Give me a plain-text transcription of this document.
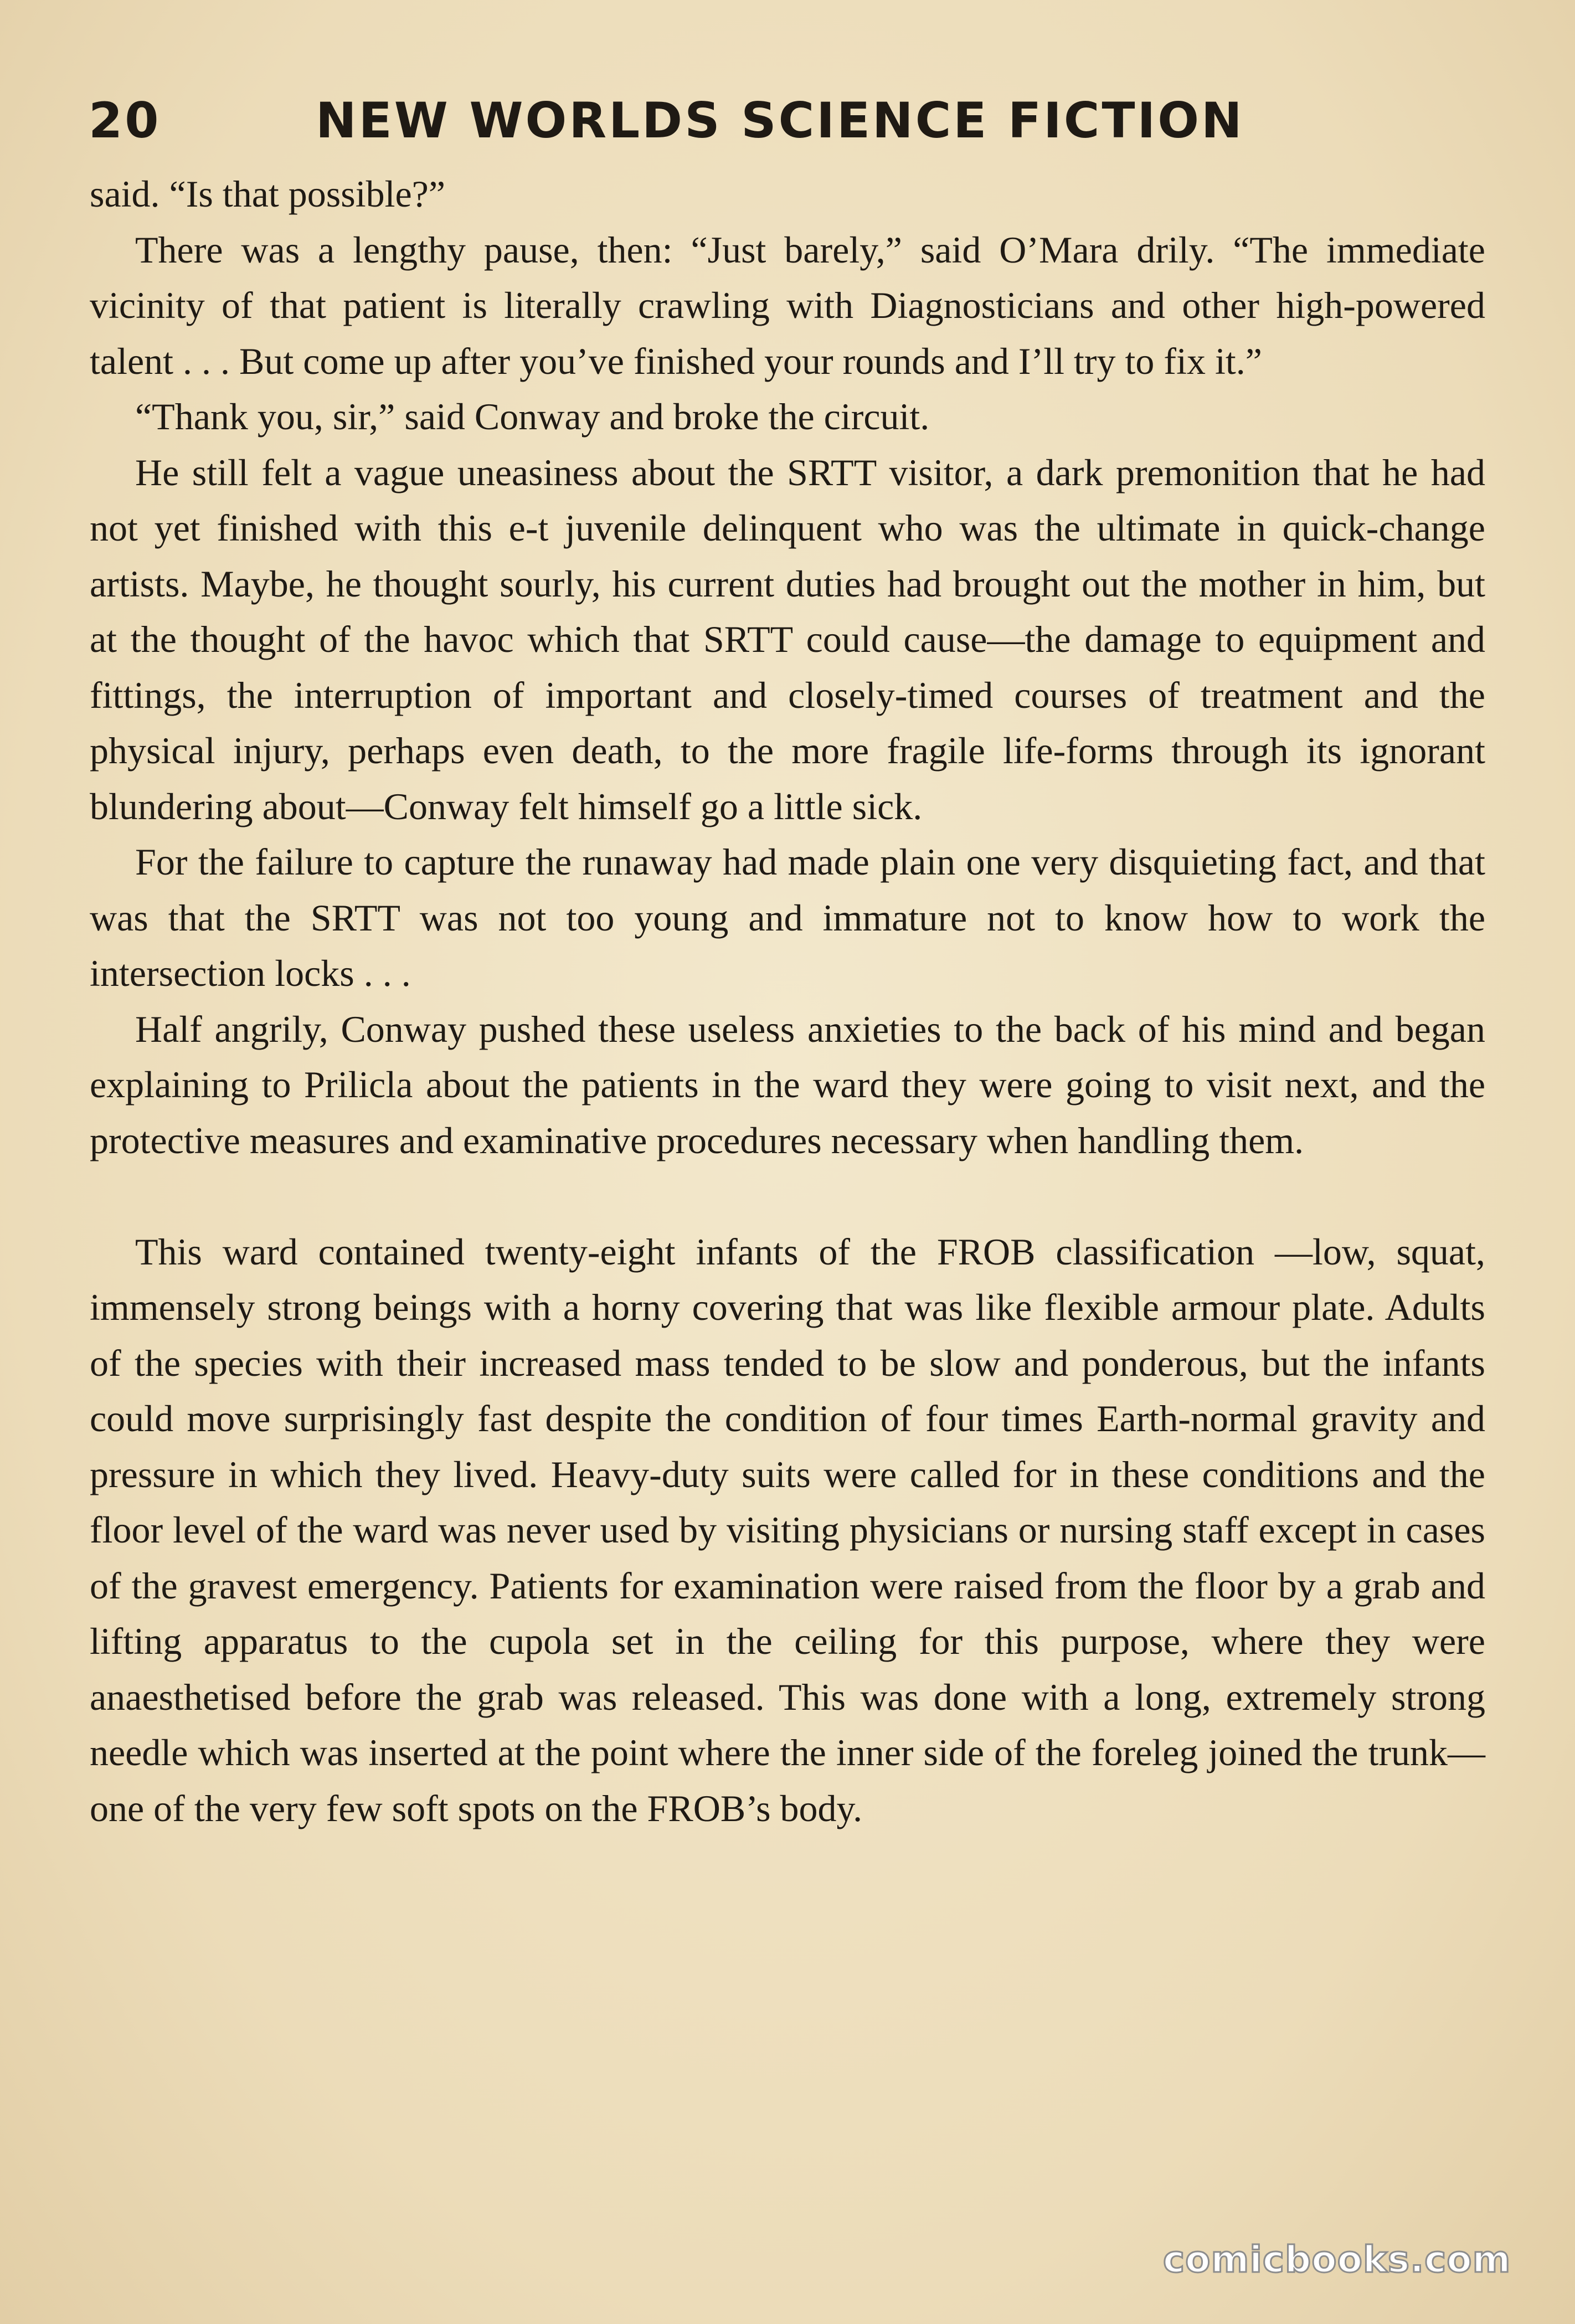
20	NEW WORLDS SCIENCE FICTION

said. “Is that possible?”

There was a lengthy pause, then: “Just barely,” said O’Mara drily. “The immediate vicinity of that patient is literally crawling with Diagnosticians and other high-powered talent . . . But come up after you’ve finished your rounds and I’ll try to fix it.”

“Thank you, sir,” said Conway and broke the circuit.

He still felt a vague uneasiness about the SRTT visitor, a dark premonition that he had not yet finished with this e-t juvenile delinquent who was the ultimate in quick-change artists. Maybe, he thought sourly, his current duties had brought out the mother in him, but at the thought of the havoc which that SRTT could cause—the damage to equipment and fittings, the interruption of important and closely-timed courses of treatment and the physical injury, perhaps even death, to the more fragile life-forms through its ignorant blundering about—Conway felt himself go a little sick.

For the failure to capture the runaway had made plain one very disquieting fact, and that was that the SRTT was not too young and immature not to know how to work the intersection locks . . .

Half angrily, Conway pushed these useless anxieties to the back of his mind and began explaining to Prilicla about the patients in the ward they were going to visit next, and the protective measures and examinative procedures necessary when handling them.

This ward contained twenty-eight infants of the FROB classification —low, squat, immensely strong beings with a horny covering that was like flexible armour plate. Adults of the species with their increased mass tended to be slow and ponderous, but the infants could move surprisingly fast despite the condition of four times Earth-normal gravity and pressure in which they lived. Heavy-duty suits were called for in these conditions and the floor level of the ward was never used by visiting physicians or nursing staff except in cases of the gravest emergency. Patients for examination were raised from the floor by a grab and lifting apparatus to the cupola set in the ceiling for this purpose, where they were anaesthetised before the grab was released. This was done with a long, extremely strong needle which was inserted at the point where the inner side of the foreleg joined the trunk—one of the very few soft spots on the FROB’s body.

comicbooks.com
